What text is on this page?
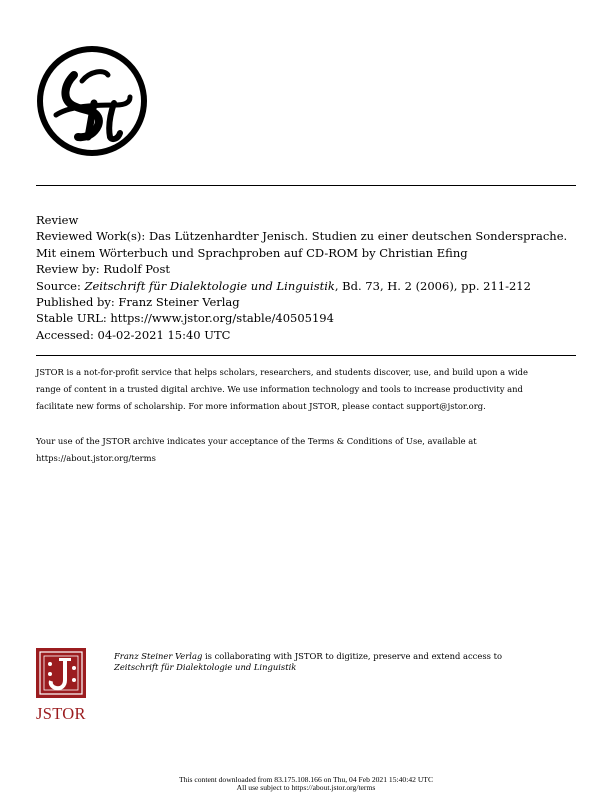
Review
Reviewed Work(s): Das Lützenhardter Jenisch. Studien zu einer deutschen Sondersprache.
Mit einem Wörterbuch und Sprachproben auf CD-ROM by Christian Efing
Review by: Rudolf Post
Source: Zeitschrift für Dialektologie und Linguistik, Bd. 73, H. 2 (2006), pp. 211-212
Published by: Franz Steiner Verlag
Stable URL: https://www.jstor.org/stable/40505194
Accessed: 04-02-2021 15:40 UTC

JSTOR is a not-for-profit service that helps scholars, researchers, and students discover, use, and build upon a wide

range of content in a trusted digital archive. We use information technology and tools to increase productivity and

facilitate new forms of scholarship. For more information about JSTOR, please contact support@jstor.org.

Your use of the JSTOR archive indicates your acceptance of the Terms & Conditions of Use, available at

https://about.jstor.org/terms

JSTOR
Franz Steiner Verlag is collaborating with JSTOR to digitize, preserve and extend access to
Zeitschrift für Dialektologie und Linguistik
This content downloaded from 83.175.108.166 on Thu, 04 Feb 2021 15:40:42 UTC
All use subject to https://about.jstor.org/terms
